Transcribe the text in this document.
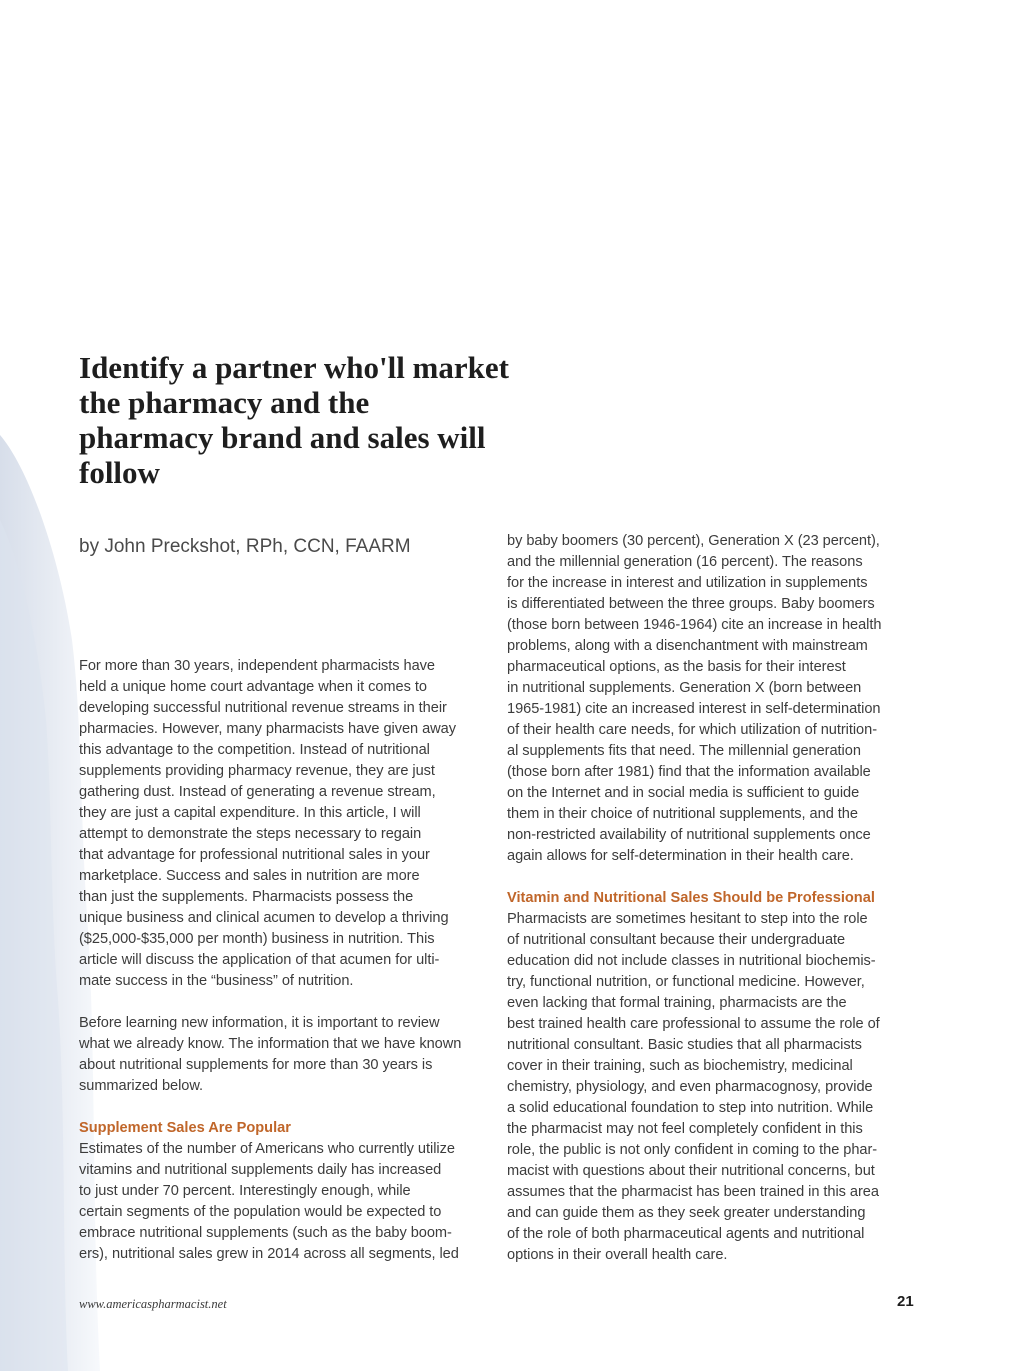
Identify a partner who'll market the pharmacy and the pharmacy brand and sales will follow
by John Preckshot, RPh, CCN, FAARM

For more than 30 years, independent pharmacists have
held a unique home court advantage when it comes to
developing successful nutritional revenue streams in their
pharmacies. However, many pharmacists have given away
this advantage to the competition. Instead of nutritional
supplements providing pharmacy revenue, they are just
gathering dust. Instead of generating a revenue stream,
they are just a capital expenditure. In this article, I will
attempt to demonstrate the steps necessary to regain
that advantage for professional nutritional sales in your
marketplace. Success and sales in nutrition are more
than just the supplements. Pharmacists possess the
unique business and clinical acumen to develop a thriving
($25,000-$35,000 per month) business in nutrition. This
article will discuss the application of that acumen for ulti-
mate success in the “business” of nutrition.

Before learning new information, it is important to review
what we already know. The information that we have known
about nutritional supplements for more than 30 years is
summarized below.

Supplement Sales Are Popular

Estimates of the number of Americans who currently utilize
vitamins and nutritional supplements daily has increased
to just under 70 percent. Interestingly enough, while
certain segments of the population would be expected to
embrace nutritional supplements (such as the baby boom-
ers), nutritional sales grew in 2014 across all segments, led

by baby boomers (30 percent), Generation X (23 percent),
and the millennial generation (16 percent). The reasons
for the increase in interest and utilization in supplements
is differentiated between the three groups. Baby boomers
(those born between 1946-1964) cite an increase in health
problems, along with a disenchantment with mainstream
pharmaceutical options, as the basis for their interest
in nutritional supplements. Generation X (born between
1965-1981) cite an increased interest in self-determination
of their health care needs, for which utilization of nutrition-
al supplements fits that need. The millennial generation
(those born after 1981) find that the information available
on the Internet and in social media is sufficient to guide
them in their choice of nutritional supplements, and the
non-restricted availability of nutritional supplements once
again allows for self-determination in their health care.

Vitamin and Nutritional Sales Should be Professional

Pharmacists are sometimes hesitant to step into the role
of nutritional consultant because their undergraduate
education did not include classes in nutritional biochemis-
try, functional nutrition, or functional medicine. However,
even lacking that formal training, pharmacists are the
best trained health care professional to assume the role of
nutritional consultant. Basic studies that all pharmacists
cover in their training, such as biochemistry, medicinal
chemistry, physiology, and even pharmacognosy, provide
a solid educational foundation to step into nutrition. While
the pharmacist may not feel completely confident in this
role, the public is not only confident in coming to the phar-
macist with questions about their nutritional concerns, but
assumes that the pharmacist has been trained in this area
and can guide them as they seek greater understanding
of the role of both pharmaceutical agents and nutritional
options in their overall health care.

www.americaspharmacist.net	21
